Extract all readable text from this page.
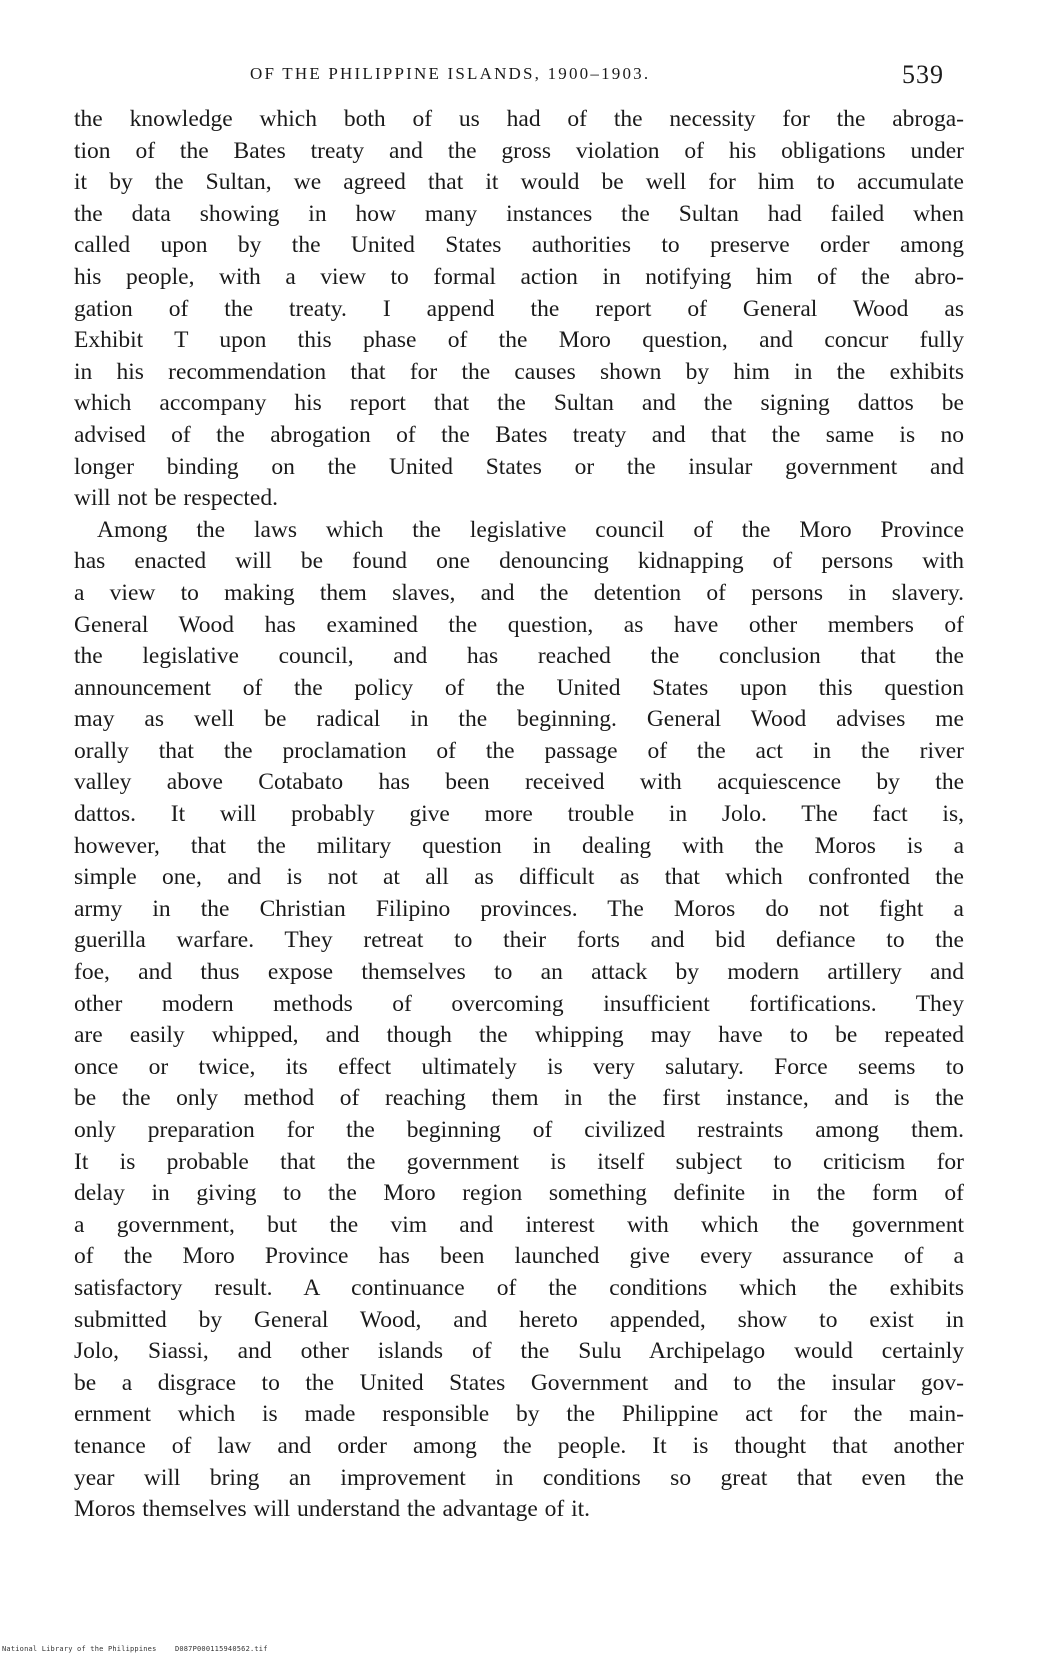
OF THE PHILIPPINE ISLANDS, 1900–1903.	539
the knowledge which both of us had of the necessity for the abroga-
tion of the Bates treaty and the gross violation of his obligations under
it by the Sultan, we agreed that it would be well for him to accumulate
the data showing in how many instances the Sultan had failed when
called upon by the United States authorities to preserve order among
his people, with a view to formal action in notifying him of the abro-
gation of the treaty. I append the report of General Wood as
Exhibit T upon this phase of the Moro question, and concur fully
in his recommendation that for the causes shown by him in the exhibits
which accompany his report that the Sultan and the signing dattos be
advised of the abrogation of the Bates treaty and that the same is no
longer binding on the United States or the insular government and
will not be respected.
Among the laws which the legislative council of the Moro Province
has enacted will be found one denouncing kidnapping of persons with
a view to making them slaves, and the detention of persons in slavery.
General Wood has examined the question, as have other members of
the legislative council, and has reached the conclusion that the
announcement of the policy of the United States upon this question
may as well be radical in the beginning. General Wood advises me
orally that the proclamation of the passage of the act in the river
valley above Cotabato has been received with acquiescence by the
dattos. It will probably give more trouble in Jolo. The fact is,
however, that the military question in dealing with the Moros is a
simple one, and is not at all as difficult as that which confronted the
army in the Christian Filipino provinces. The Moros do not fight a
guerilla warfare. They retreat to their forts and bid defiance to the
foe, and thus expose themselves to an attack by modern artillery and
other modern methods of overcoming insufficient fortifications. They
are easily whipped, and though the whipping may have to be repeated
once or twice, its effect ultimately is very salutary. Force seems to
be the only method of reaching them in the first instance, and is the
only preparation for the beginning of civilized restraints among them.
It is probable that the government is itself subject to criticism for
delay in giving to the Moro region something definite in the form of
a government, but the vim and interest with which the government
of the Moro Province has been launched give every assurance of a
satisfactory result. A continuance of the conditions which the exhibits
submitted by General Wood, and hereto appended, show to exist in
Jolo, Siassi, and other islands of the Sulu Archipelago would certainly
be a disgrace to the United States Government and to the insular gov-
ernment which is made responsible by the Philippine act for the main-
tenance of law and order among the people. It is thought that another
year will bring an improvement in conditions so great that even the
Moros themselves will understand the advantage of it.
National Library of the Philippines	D087P000115940562.tif
